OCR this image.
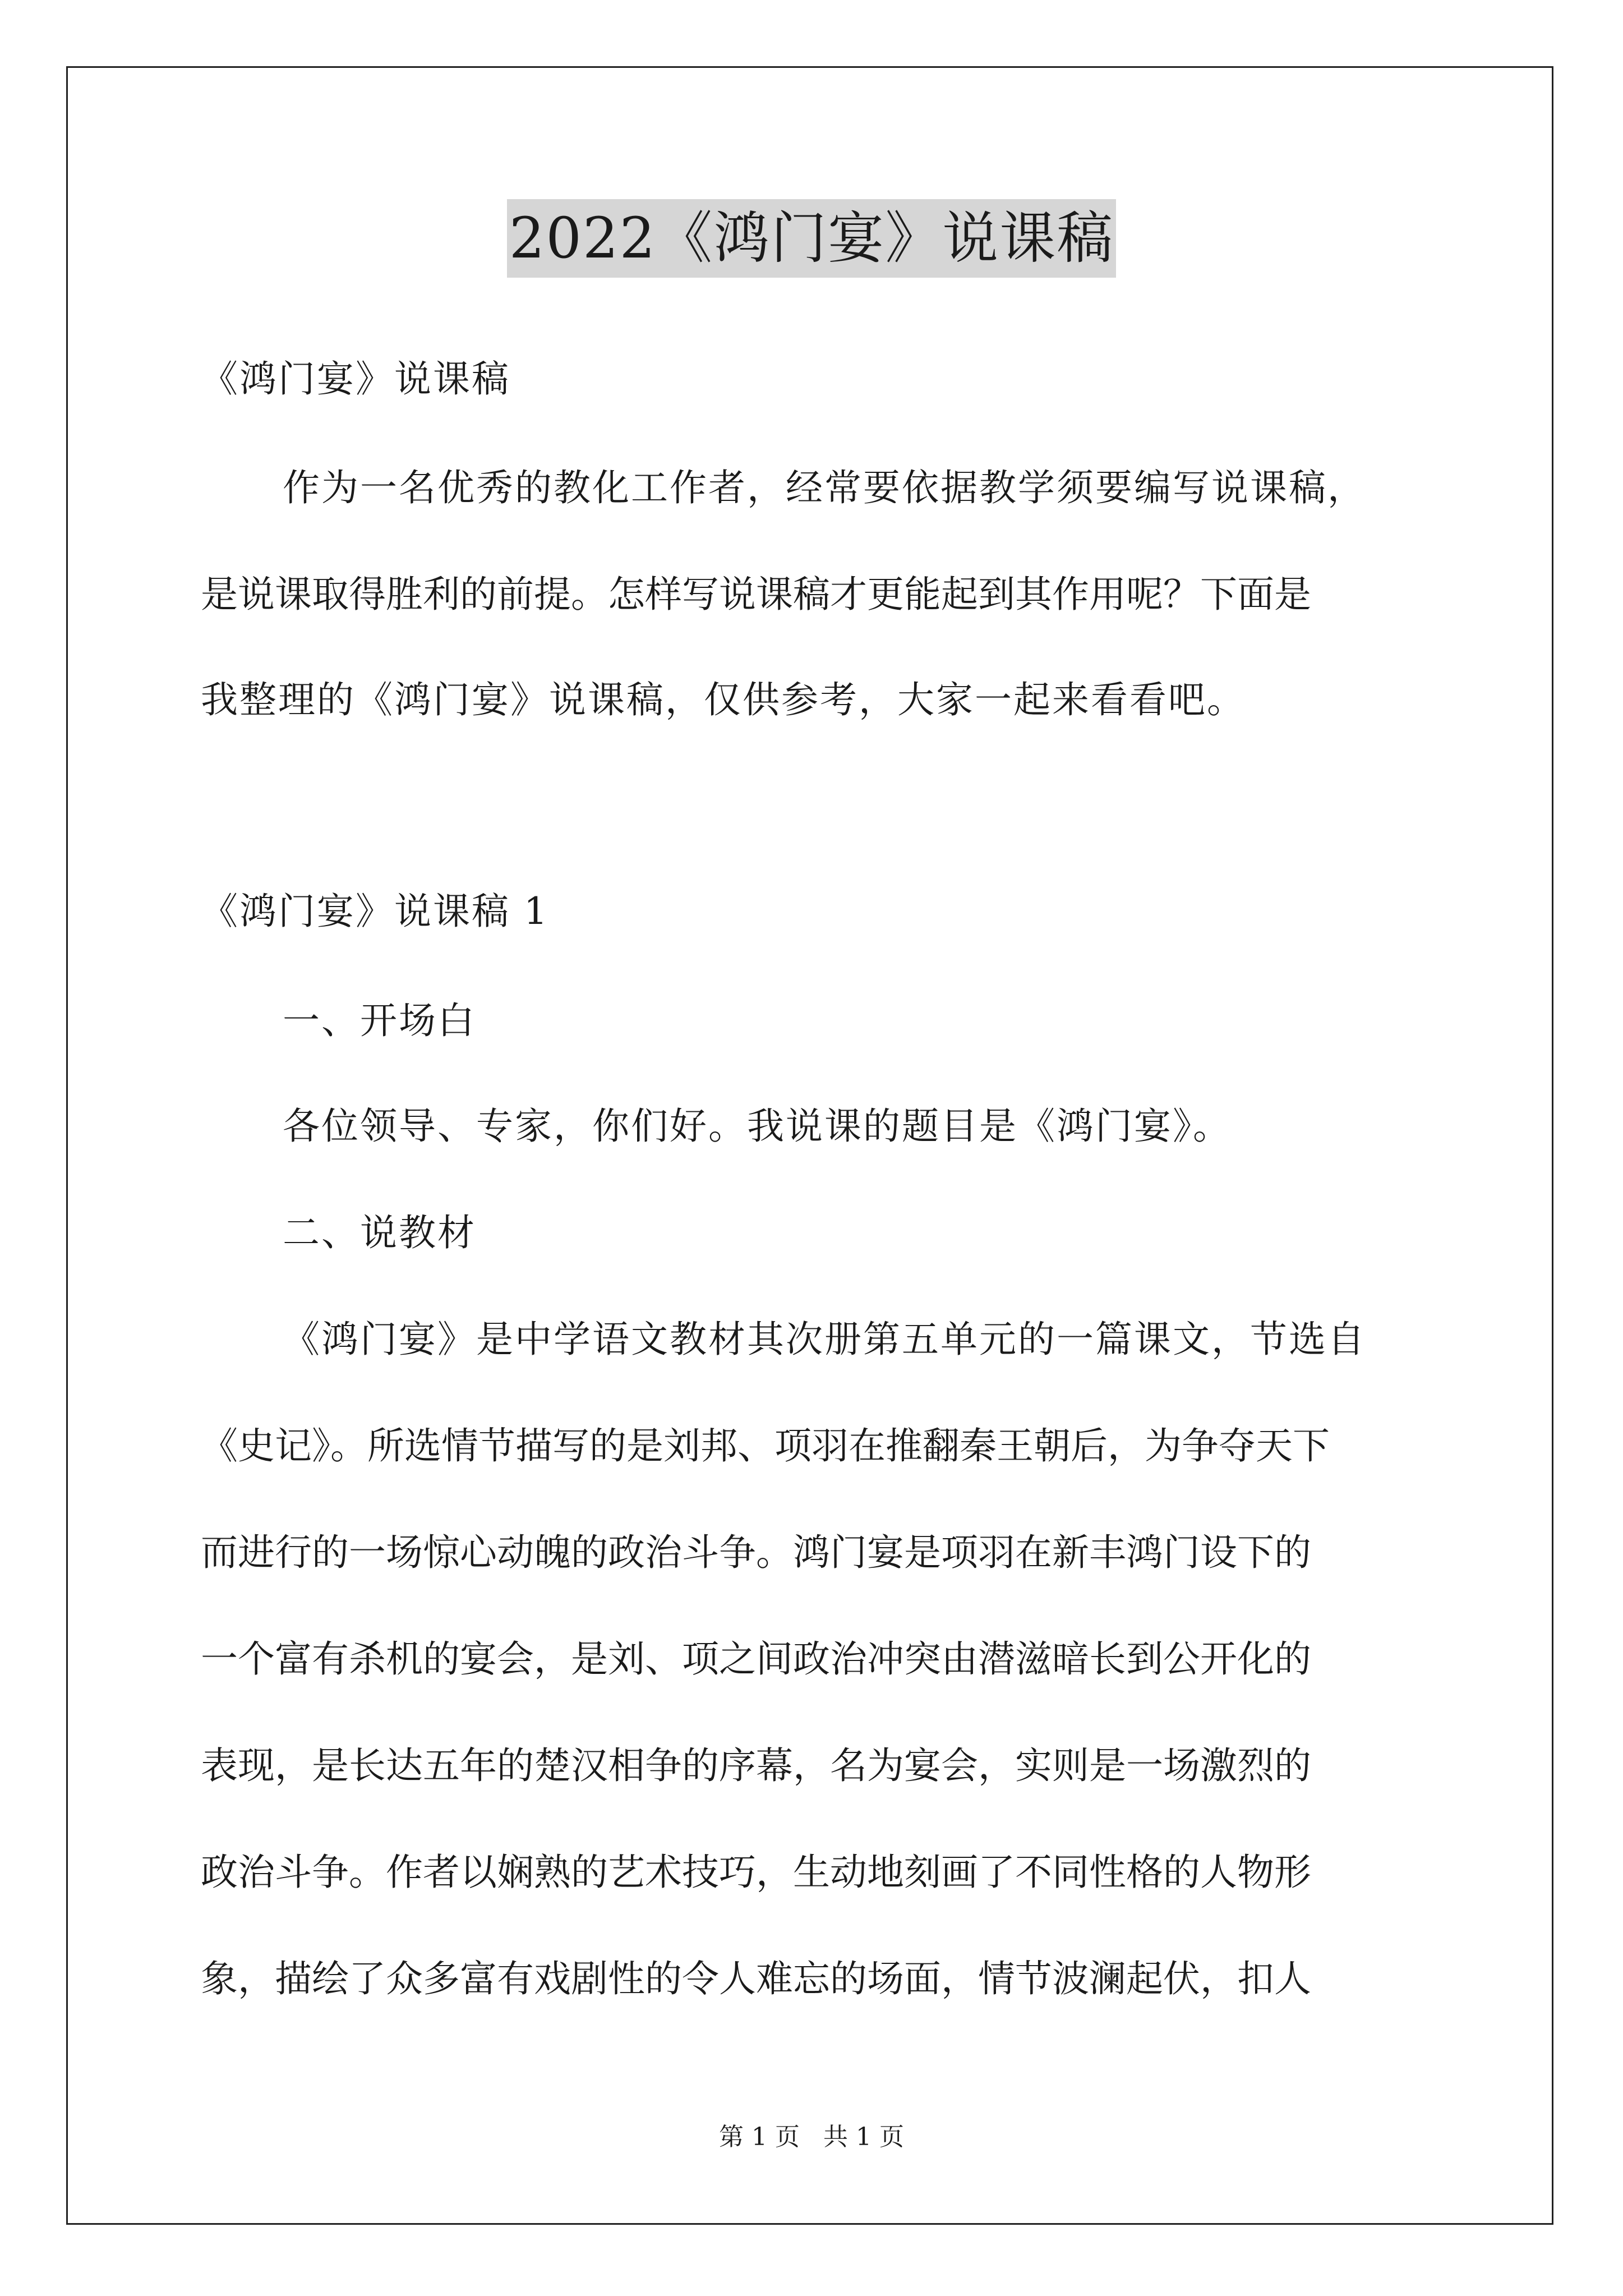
2022《鸿门宴》说课稿
《鸿门宴》说课稿
作为一名优秀的教化工作者，经常要依据教学须要编写说课稿，
是说课取得胜利的前提。怎样写说课稿才更能起到其作用呢？下面是
我整理的《鸿门宴》说课稿，仅供参考，大家一起来看看吧。
《鸿门宴》说课稿 1
一、开场白
各位领导、专家，你们好。我说课的题目是《鸿门宴》。
二、说教材
《鸿门宴》是中学语文教材其次册第五单元的一篇课文，节选自
《史记》。所选情节描写的是刘邦、项羽在推翻秦王朝后，为争夺天下
而进行的一场惊心动魄的政治斗争。鸿门宴是项羽在新丰鸿门设下的
一个富有杀机的宴会，是刘、项之间政治冲突由潜滋暗长到公开化的
表现，是长达五年的楚汉相争的序幕，名为宴会，实则是一场激烈的
政治斗争。作者以娴熟的艺术技巧，生动地刻画了不同性格的人物形
象，描绘了众多富有戏剧性的令人难忘的场面，情节波澜起伏，扣人
第 1 页 共 1 页
